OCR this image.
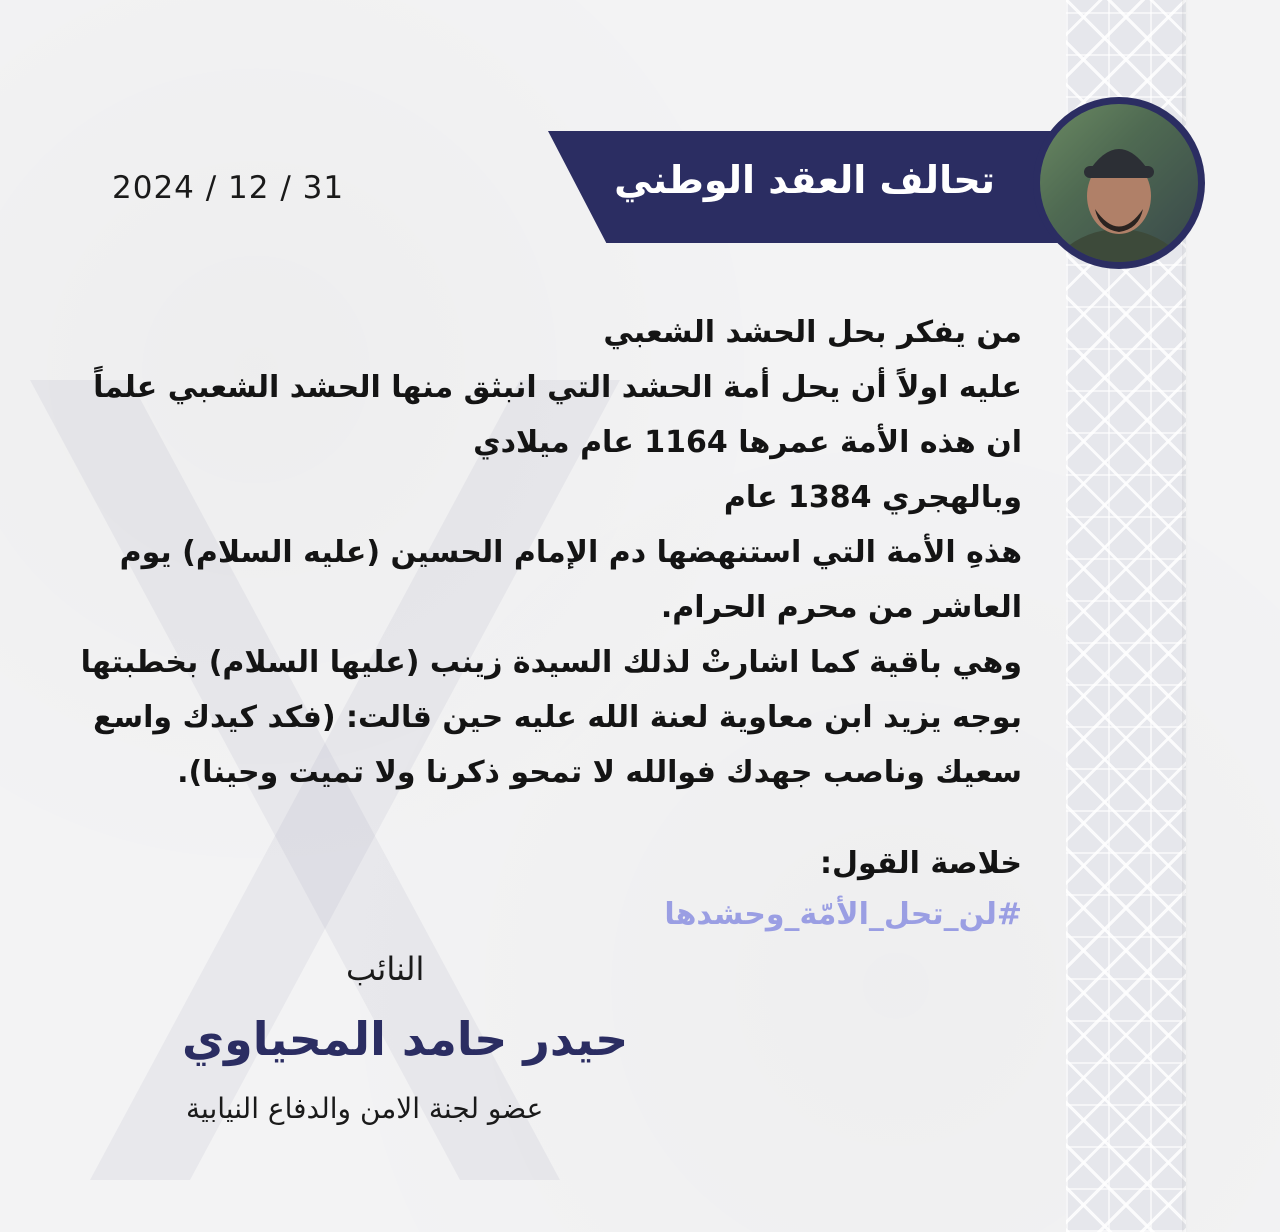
تحالف العقد الوطني
2024 / 12 / 31
من يفكر بحل الحشد الشعبي
عليه اولاً أن يحل أمة الحشد التي انبثق منها الحشد الشعبي علماً
ان هذه الأمة عمرها 1164 عام ميلادي
وبالهجري 1384 عام
هذهِ الأمة التي استنهضها دم الإمام الحسين (عليه السلام) يوم
العاشر من محرم الحرام.
وهي باقية كما اشارتْ لذلك السيدة زينب (عليها السلام) بخطبتها
بوجه يزيد ابن معاوية لعنة الله عليه حين قالت: (فكد كيدك واسع
سعيك وناصب جهدك فوالله لا تمحو ذكرنا ولا تميت وحينا).
خلاصة القول:
#لن_تحل_الأمّة_وحشدها
النائب
حيدر حامد المحياوي
عضو لجنة الامن والدفاع النيابية
